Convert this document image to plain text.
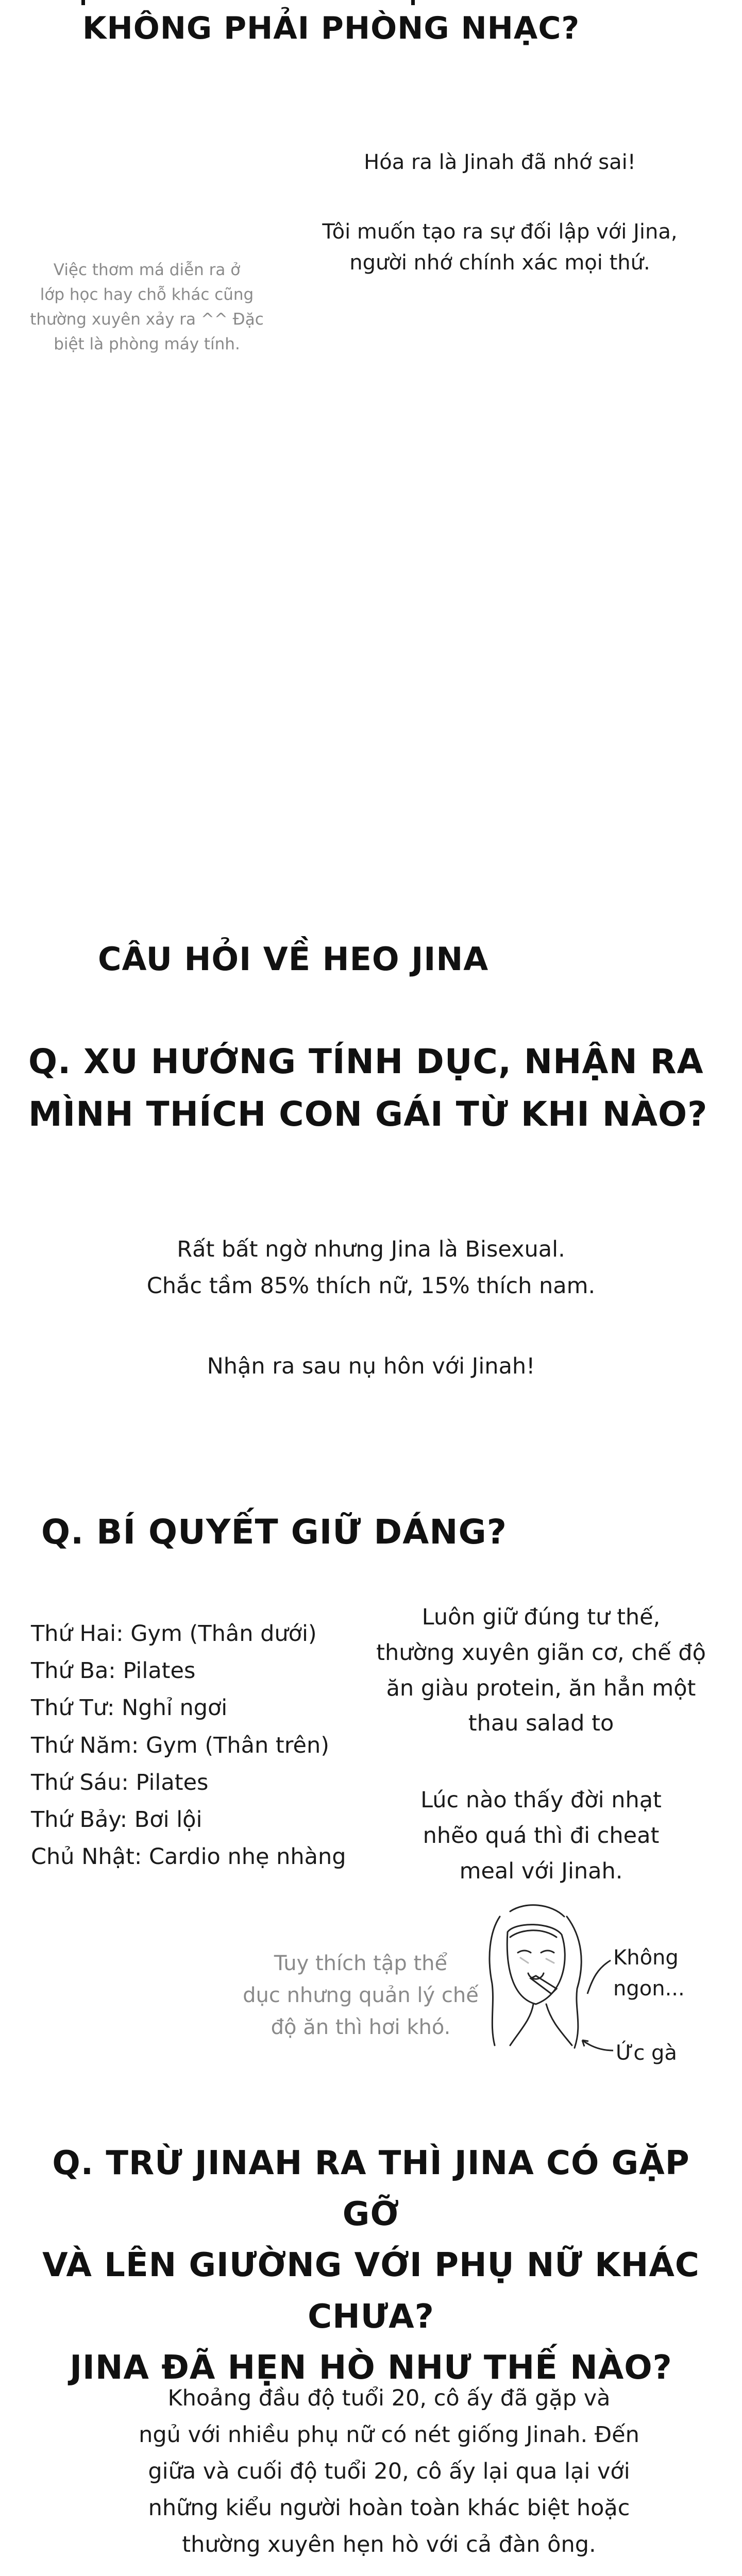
KHÔNG PHẢI PHÒNG NHẠC?
Hóa ra là Jinah đã nhớ sai!
Tôi muốn tạo ra sự đối lập với Jina,
người nhớ chính xác mọi thứ.
Việc thơm má diễn ra ở
lớp học hay chỗ khác cũng
thường xuyên xảy ra ^^ Đặc
biệt là phòng máy tính.
CÂU HỎI VỀ HEO JINA
Q. XU HƯỚNG TÍNH DỤC, NHẬN RA
MÌNH THÍCH CON GÁI TỪ KHI NÀO?
Rất bất ngờ nhưng Jina là Bisexual.
Chắc tầm 85% thích nữ, 15% thích nam.
Nhận ra sau nụ hôn với Jinah!
Q. BÍ QUYẾT GIỮ DÁNG?
Thứ Hai: Gym (Thân dưới)
Thứ Ba: Pilates
Thứ Tư: Nghỉ ngơi
Thứ Năm: Gym (Thân trên)
Thứ Sáu: Pilates
Thứ Bảy: Bơi lội
Chủ Nhật: Cardio nhẹ nhàng
Luôn giữ đúng tư thế,
thường xuyên giãn cơ, chế độ
ăn giàu protein, ăn hẳn một
thau salad to
Lúc nào thấy đời nhạt
nhẽo quá thì đi cheat
meal với Jinah.
Tuy thích tập thể
dục nhưng quản lý chế
độ ăn thì hơi khó.
Không
ngon...
Ức gà
Q. TRỪ JINAH RA THÌ JINA CÓ GẶP GỠ
VÀ LÊN GIƯỜNG VỚI PHỤ NỮ KHÁC CHƯA?
JINA ĐÃ HẸN HÒ NHƯ THẾ NÀO?
Khoảng đầu độ tuổi 20, cô ấy đã gặp và
ngủ với nhiều phụ nữ có nét giống Jinah. Đến
giữa và cuối độ tuổi 20, cô ấy lại qua lại với
những kiểu người hoàn toàn khác biệt hoặc
thường xuyên hẹn hò với cả đàn ông.
